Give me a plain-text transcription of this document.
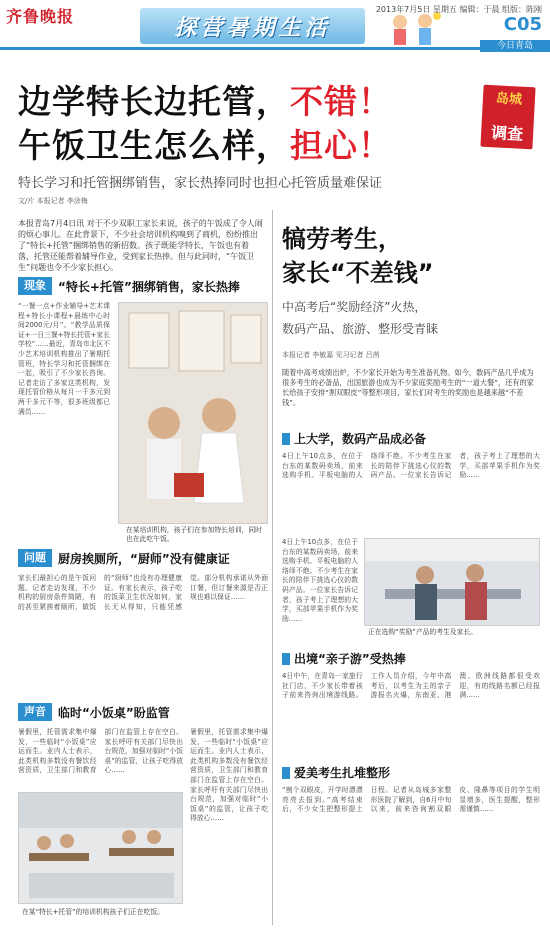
齐鲁晚报	探营暑期生活
2013年7月5日 星期五 编辑：于晨 组版：陈刚
C05
今日青岛
边学特长边托管，不错！
午饭卫生怎么样，担心！
岛城
调查
特长学习和托管捆绑销售，家长热捧同时也担心托管质量难保证
文/片 本报记者 李涂梅
本报青岛7月4日讯 对于不少双职工家长来说，孩子的午饭成了令人闹的烦心事儿。在此背景下，不少社会培训机构嗅到了商机，纷纷推出了“特长+托管”捆绑销售的新招数。孩子既能学特长，午饭也有着落，托管还能帮着辅导作业，受到家长热捧。但与此同时，“午饭卫生”问题也令不少家长担心。
现象	“特长+托管”捆绑销售，家长热捧
“一餐一点+作业辅导+艺术课程+特长小课程+晨练中心时间2000元/月”。“教学品质保证+一日三餐+特长托管+家长学校”……最近，青岛市北区不少艺术培训机构推出了暑期托管班，特长学习和托管捆绑在一起，吸引了不少家长咨询。记者走访了多家这类机构，发现托管价格从每月一千多元到两千多元不等，很多班级都已满员……
在某培训机构，孩子们在参加特长培训，同时也在此吃午饭。
问题	厨房挨厕所，“厨师”没有健康证
家长们最担心的是午饭问题。记者走访发现，不少机构的厨房条件简陋，有的甚至紧挨着厕所，做饭的“厨师”也没有办理健康证。有家长表示，孩子吃的饭菜卫生状况如何，家长无从得知，只能凭感觉。部分机构承诺从外面订餐，但订餐来源是否正规也难以保证……
声音	临时“小饭桌”盼监管
暑假里，托管需求集中爆发，一些临时“小饭桌”应运而生。业内人士表示，此类机构多数没有餐饮经营资质，卫生部门和教育部门在监管上存在空白。家长呼吁有关部门尽快出台规范，加强对临时“小饭桌”的监管，让孩子吃得放心……
在某“特长+托管”的培训机构孩子们正在吃饭。
暑假里，托管需求集中爆发，一些临时“小饭桌”应运而生。业内人士表示，此类机构多数没有餐饮经营资质，卫生部门和教育部门在监管上存在空白。家长呼吁有关部门尽快出台规范，加强对临时“小饭桌”的监管，让孩子吃得放心……
犒劳考生，
家长“不差钱”
中高考后“奖励经济”火热，
数码产品、旅游、整形受青睐
本报记者 李敏嘉 见习记者 吕茜
随着中高考成绩出炉，不少家长开始为考生准备礼物。如今，数码产品几乎成为很多考生的必备品，出国旅游也成为不少家庭奖励考生的“一道大餐”，还有的家长给孩子安排“割双眼皮”等整形项目，家长们对考生的奖励也是越来越“不差钱”。
上大学，数码产品成必备
4日上午10点多，在位于台东的某数码卖场，前来选购手机、平板电脑的人络绎不绝。不少考生在家长的陪伴下挑选心仪的数码产品。一位家长告诉记者，孩子考上了理想的大学，买部苹果手机作为奖励……
4日上午10点多，在位于台东的某数码卖场，前来选购手机、平板电脑的人络绎不绝。不少考生在家长的陪伴下挑选心仪的数码产品。一位家长告诉记者，孩子考上了理想的大学，买部苹果手机作为奖励……
正在选购“奖励”产品的考生及家长。
出境“亲子游”受热捧
4日中午，在青岛一家旅行社门店，不少家长带着孩子前来咨询出境游线路。工作人员介绍，今年中高考后，以考生为主的亲子游报名火爆，东南亚、港澳、欧洲线路都很受欢迎，有的线路名额已经报满……
爱美考生扎堆整形
“割个双眼皮，开学时漂漂亮亮去报到。”高考结束后，不少女生把整形提上日程。记者从岛城多家整形医院了解到，自6月中旬以来，前来咨询割双眼皮、隆鼻等项目的学生明显增多，医生提醒，整形需谨慎……
